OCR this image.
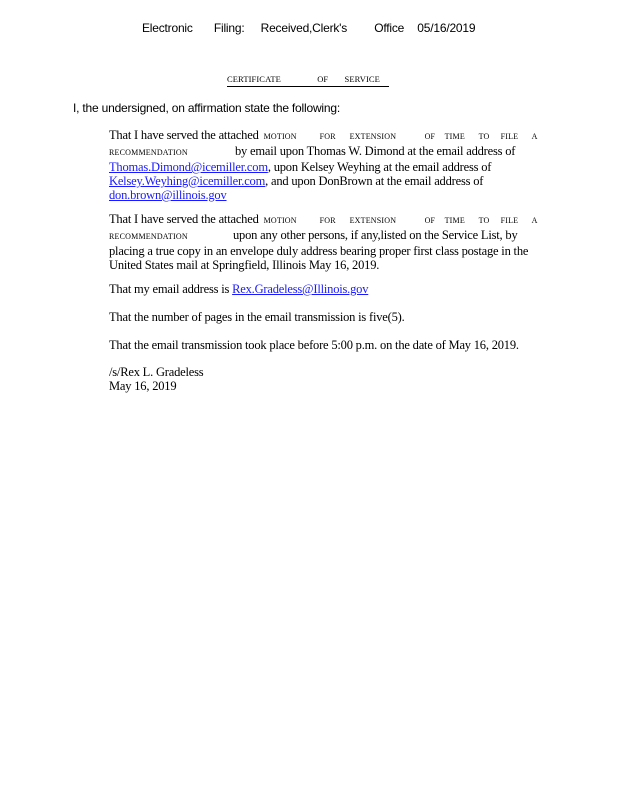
Electronic Filing: Received,Clerk's Office 05/16/2019
CERTIFICATE	OF SERVICE
I, the undersigned, on affirmation state the following:
That I have served the attached MOTION	FOR EXTENSION	OF TIME TO FILE A
RECOMMENDATION	by email upon Thomas W. Dimond at the email address of
Thomas.Dimond@icemiller.com, upon Kelsey Weyhing at the email address of
Kelsey.Weyhing@icemiller.com, and upon DonBrown at the email address of
don.brown@illinois.gov
That I have served the attached MOTION	FOR EXTENSION	OF TIME TO FILE A
RECOMMENDATION	upon any other persons, if any,listed on the Service List, by
placing a true copy in an envelope duly address bearing proper first class postage in the
United States mail at Springfield, Illinois May 16, 2019.
That my email address is Rex.Gradeless@Illinois.gov
That the number of pages in the email transmission is five(5).
That the email transmission took place before 5:00 p.m. on the date of May 16, 2019.
/s/Rex L. Gradeless
May 16, 2019
